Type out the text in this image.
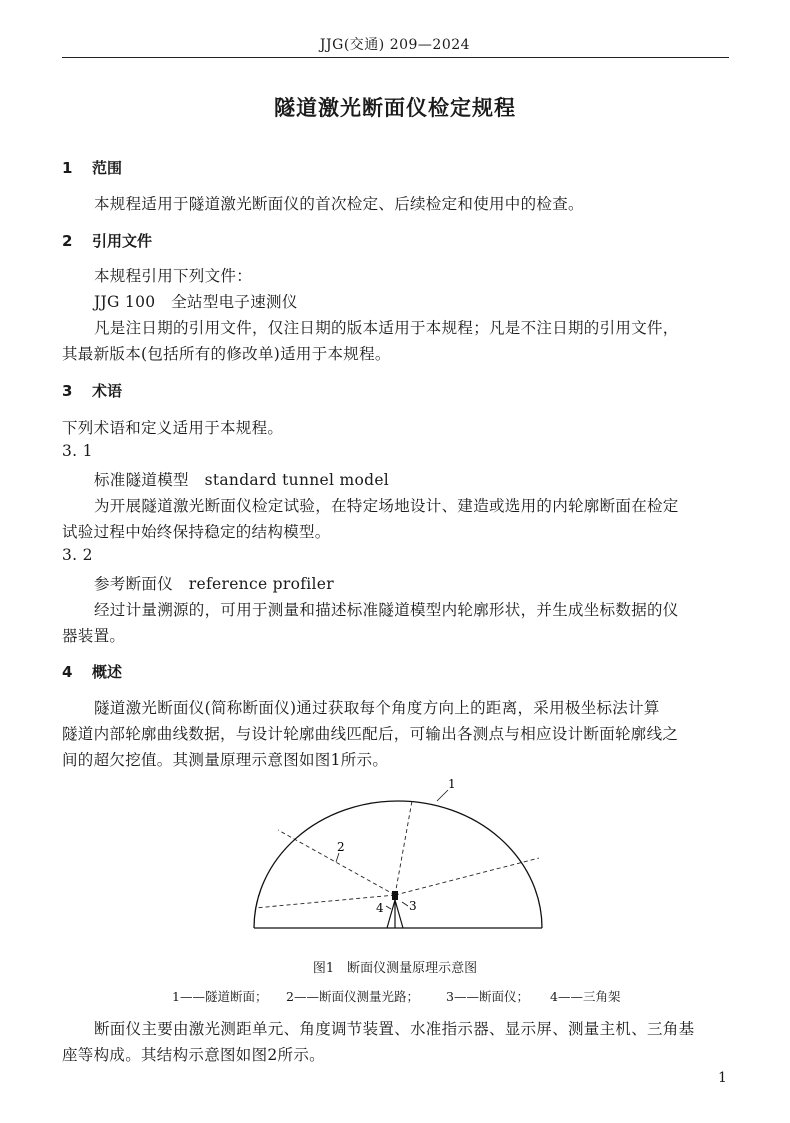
JJG(交通) 209—2024
隧道激光断面仪检定规程
1 范围
本规程适用于隧道激光断面仪的首次检定、后续检定和使用中的检查。
2 引用文件
本规程引用下列文件：
JJG 100　全站型电子速测仪
凡是注日期的引用文件，仅注日期的版本适用于本规程；凡是不注日期的引用文件，
其最新版本(包括所有的修改单)适用于本规程。
3 术语
下列术语和定义适用于本规程。
3. 1
标准隧道模型　standard tunnel model
为开展隧道激光断面仪检定试验，在特定场地设计、建造或选用的内轮廓断面在检定
试验过程中始终保持稳定的结构模型。
3. 2
参考断面仪　reference profiler
经过计量溯源的，可用于测量和描述标准隧道模型内轮廓形状，并生成坐标数据的仪
器装置。
4 概述
隧道激光断面仪(简称断面仪)通过获取每个角度方向上的距离，采用极坐标法计算
隧道内部轮廓曲线数据，与设计轮廓曲线匹配后，可输出各测点与相应设计断面轮廓线之
间的超欠挖值。其测量原理示意图如图1所示。
1
2
3
4
图1　断面仪测量原理示意图
1——隧道断面； 2——断面仪测量光路； 3——断面仪； 4——三角架
断面仪主要由激光测距单元、角度调节装置、水准指示器、显示屏、测量主机、三角基
座等构成。其结构示意图如图2所示。
1
